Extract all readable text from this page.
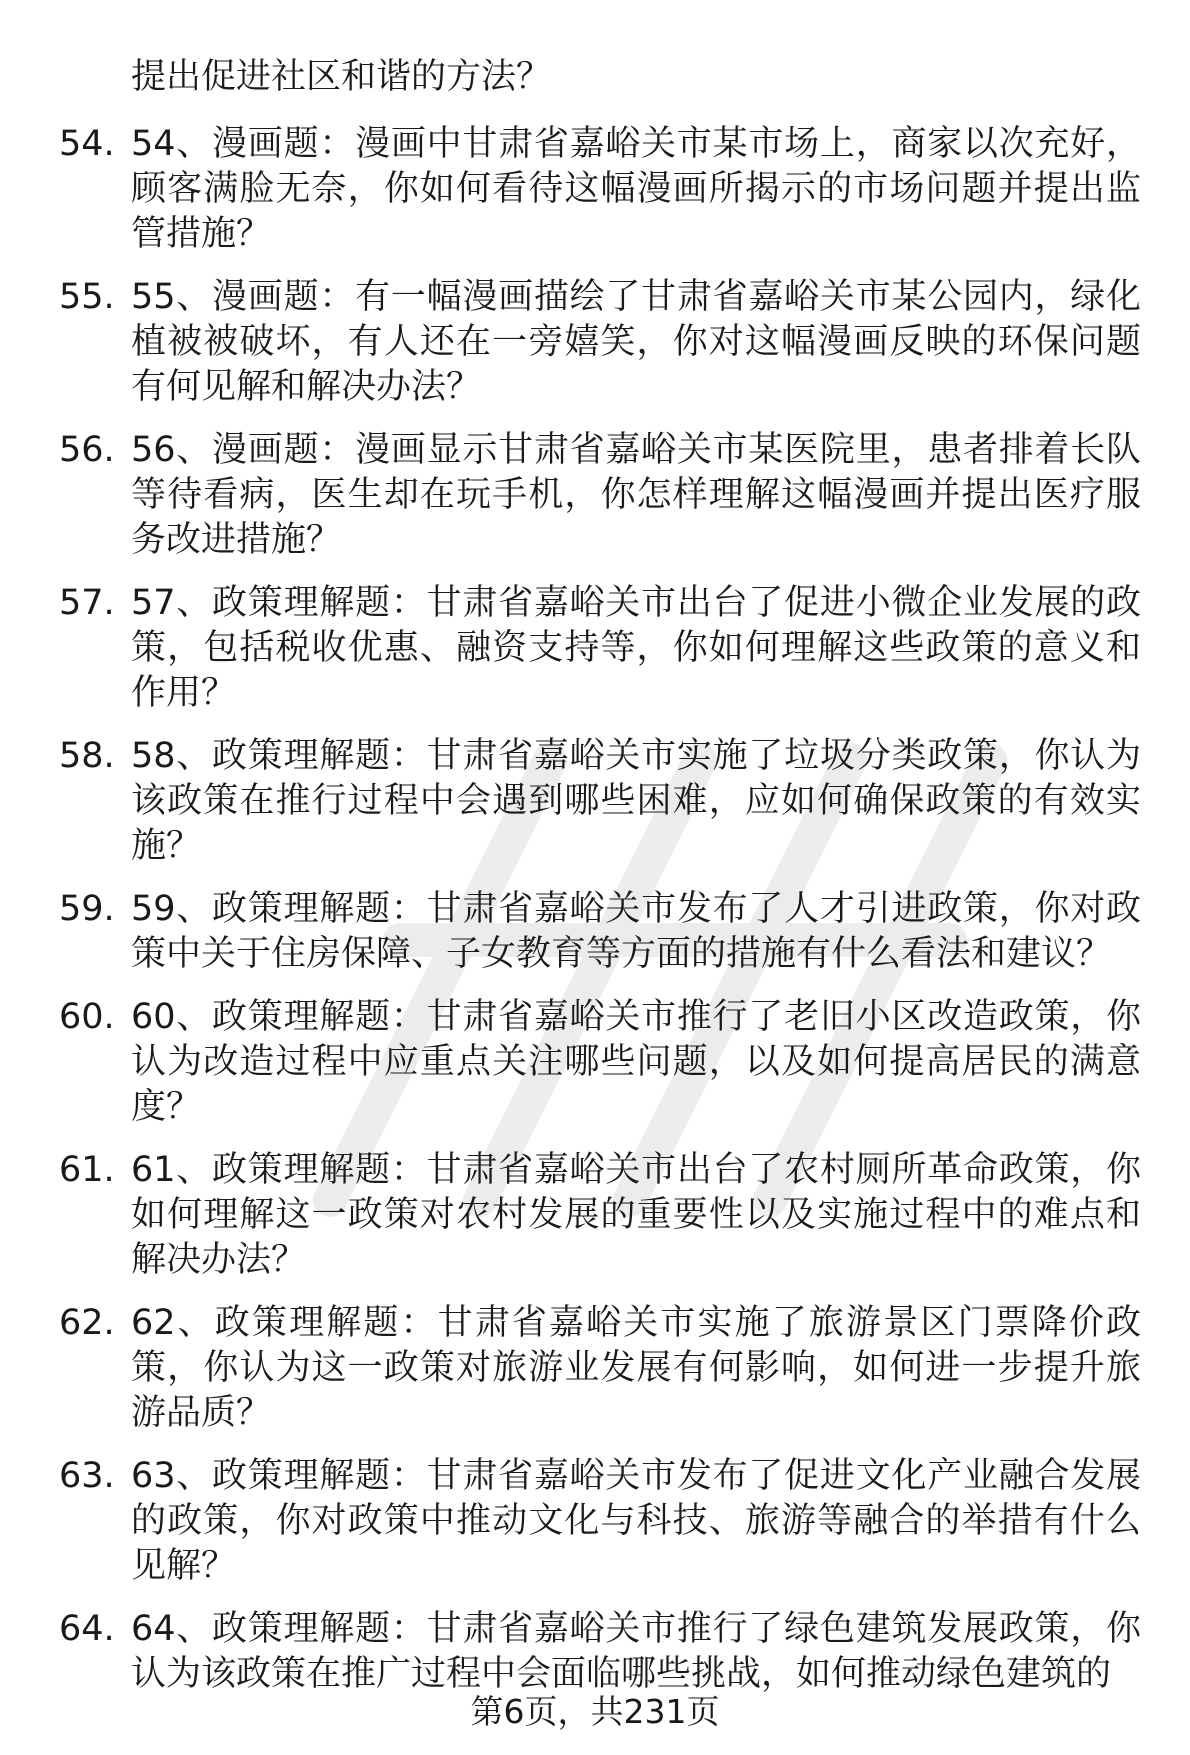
提出促进社区和谐的方法？
54. 54、漫画题：漫画中甘肃省嘉峪关市某市场上，商家以次充好，顾客满脸无奈，你如何看待这幅漫画所揭示的市场问题并提出监管措施？
55. 55、漫画题：有一幅漫画描绘了甘肃省嘉峪关市某公园内，绿化植被被破坏，有人还在一旁嬉笑，你对这幅漫画反映的环保问题有何见解和解决办法？
56. 56、漫画题：漫画显示甘肃省嘉峪关市某医院里，患者排着长队等待看病，医生却在玩手机，你怎样理解这幅漫画并提出医疗服务改进措施？
57. 57、政策理解题：甘肃省嘉峪关市出台了促进小微企业发展的政策，包括税收优惠、融资支持等，你如何理解这些政策的意义和作用？
58. 58、政策理解题：甘肃省嘉峪关市实施了垃圾分类政策，你认为该政策在推行过程中会遇到哪些困难，应如何确保政策的有效实施？
59. 59、政策理解题：甘肃省嘉峪关市发布了人才引进政策，你对政策中关于住房保障、子女教育等方面的措施有什么看法和建议？
60. 60、政策理解题：甘肃省嘉峪关市推行了老旧小区改造政策，你认为改造过程中应重点关注哪些问题，以及如何提高居民的满意度？
61. 61、政策理解题：甘肃省嘉峪关市出台了农村厕所革命政策，你如何理解这一政策对农村发展的重要性以及实施过程中的难点和解决办法？
62. 62、政策理解题：甘肃省嘉峪关市实施了旅游景区门票降价政策，你认为这一政策对旅游业发展有何影响，如何进一步提升旅游品质？
63. 63、政策理解题：甘肃省嘉峪关市发布了促进文化产业融合发展的政策，你对政策中推动文化与科技、旅游等融合的举措有什么见解？
64. 64、政策理解题：甘肃省嘉峪关市推行了绿色建筑发展政策，你认为该政策在推广过程中会面临哪些挑战，如何推动绿色建筑的
第6页，共231页
